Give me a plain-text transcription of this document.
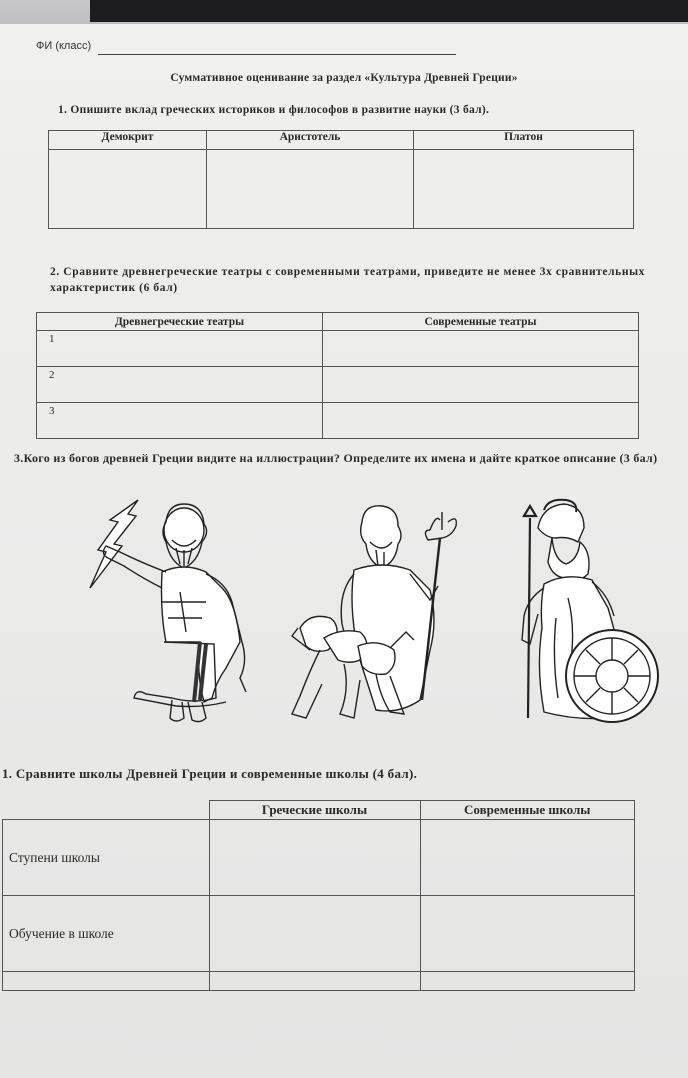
ФИ (класс)
Суммативное оценивание за раздел «Культура Древней Греции»
1. Опишите вклад греческих историков и философов в развитие науки (3 бал).
Демокрит	Аристотель	Платон

2. Сравните древнегреческие театры с современными театрами, приведите не менее 3х сравнительных характеристик (6 бал)
Древнегреческие театры	Современные театры
1	
2	
3	
3.Кого из богов древней Греции видите на иллюстрации? Определите их имена и дайте краткое описание (3 бал)
1. Сравните школы Древней Греции и современные школы (4 бал).
	Греческие школы	Современные школы
Ступени школы		
Обучение в школе		
